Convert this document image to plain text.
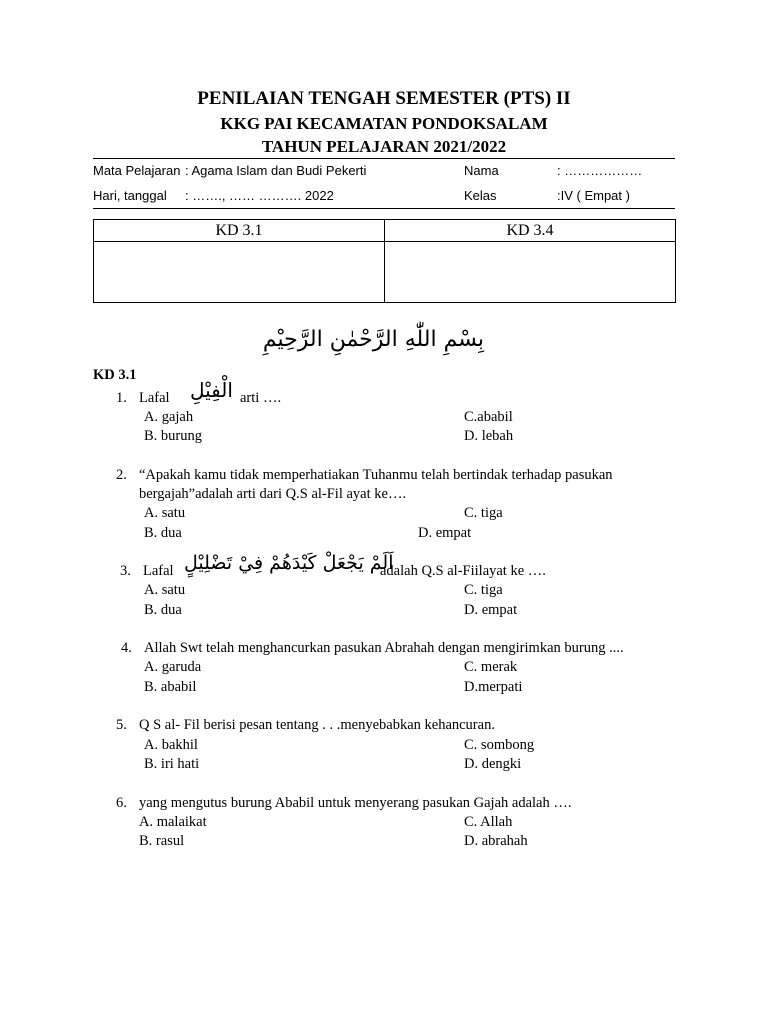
PENILAIAN TENGAH SEMESTER (PTS) II
KKG PAI KECAMATAN PONDOKSALAM
TAHUN PELAJARAN 2021/2022
Mata Pelajaran : Agama Islam dan Budi Pekerti	Nama	: ………………
Hari, tanggal : ……., …… ………. 2022	Kelas	:IV ( Empat )
KD 3.1	KD 3.4

بِسْمِ اللّٰهِ الرَّحْمٰنِ الرَّحِيْمِ
KD 3.1
1. Lafal الْفِيْلِ arti ….
A. gajah	C.ababil
B. burung	D. lebah
2. “Apakah kamu tidak memperhatiakan Tuhanmu telah bertindak terhadap pasukan
bergajah”adalah arti dari Q.S al-Fil ayat ke….
A. satu	C. tiga
B. dua	D. empat
3. Lafal اَلَمْ يَجْعَلْ كَيْدَهُمْ فِيْ تَضْلِيْلٍ
adalah Q.S al-Fiilayat ke ….
A. satu	C. tiga
B. dua	D. empat
4. Allah Swt telah menghancurkan pasukan Abrahah dengan mengirimkan burung ....
A. garuda	C. merak
B. ababil	D.merpati
5. Q S al- Fil berisi pesan tentang . . .menyebabkan kehancuran.
A. bakhil	C. sombong
B. iri hati	D. dengki
6. yang mengutus burung Ababil untuk menyerang pasukan Gajah adalah ….
A. malaikat	C. Allah
B. rasul	D. abrahah
